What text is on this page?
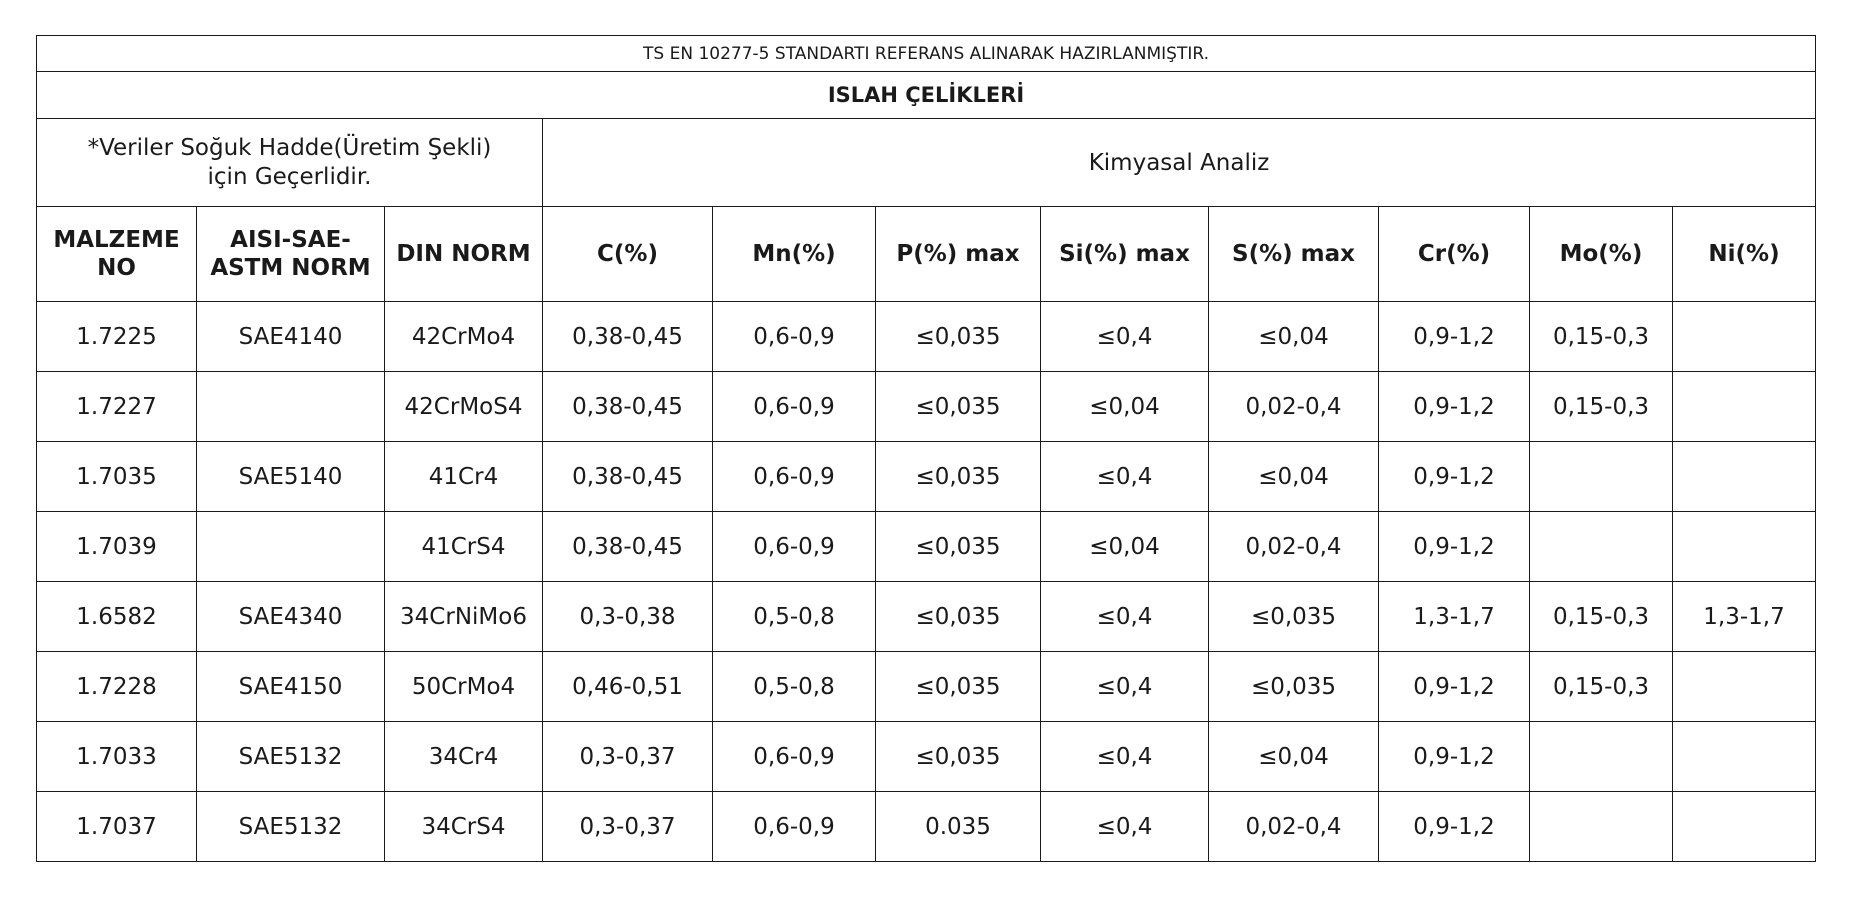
TS EN 10277-5 STANDARTI REFERANS ALINARAK HAZIRLANMIŞTIR.										
ISLAH ÇELİKLERİ										
*Veriler Soğuk Hadde(Üretim Şekli)
için Geçerlidir.			Kimyasal Analiz							
MALZEME
NO	AISI-SAE-
ASTM NORM	DIN NORM	C(%)	Mn(%)	P(%) max	Si(%) max	S(%) max	Cr(%)	Mo(%)	Ni(%)
1.7225	SAE4140	42CrMo4	0,38-0,45	0,6-0,9	≤0,035	≤0,4	≤0,04	0,9-1,2	0,15-0,3	
1.7227		42CrMoS4	0,38-0,45	0,6-0,9	≤0,035	≤0,04	0,02-0,4	0,9-1,2	0,15-0,3	
1.7035	SAE5140	41Cr4	0,38-0,45	0,6-0,9	≤0,035	≤0,4	≤0,04	0,9-1,2		
1.7039		41CrS4	0,38-0,45	0,6-0,9	≤0,035	≤0,04	0,02-0,4	0,9-1,2		
1.6582	SAE4340	34CrNiMo6	0,3-0,38	0,5-0,8	≤0,035	≤0,4	≤0,035	1,3-1,7	0,15-0,3	1,3-1,7
1.7228	SAE4150	50CrMo4	0,46-0,51	0,5-0,8	≤0,035	≤0,4	≤0,035	0,9-1,2	0,15-0,3	
1.7033	SAE5132	34Cr4	0,3-0,37	0,6-0,9	≤0,035	≤0,4	≤0,04	0,9-1,2		
1.7037	SAE5132	34CrS4	0,3-0,37	0,6-0,9	0.035	≤0,4	0,02-0,4	0,9-1,2		
